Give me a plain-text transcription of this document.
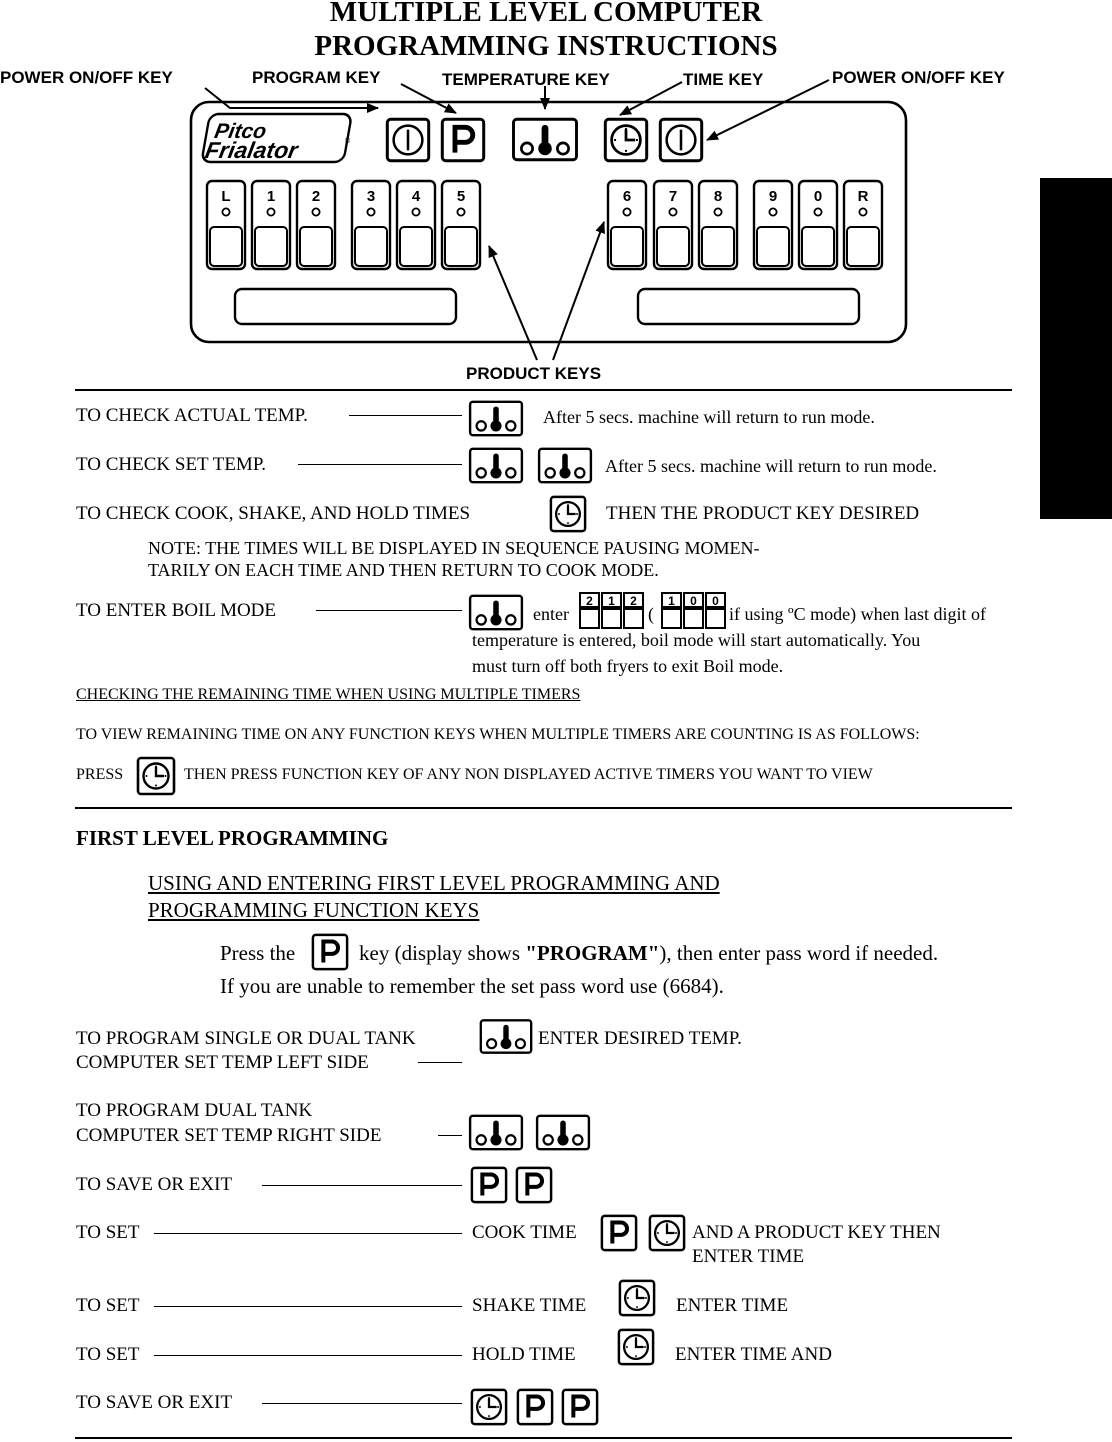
MULTIPLE LEVEL COMPUTER
PROGRAMMING INSTRUCTIONS
POWER ON/OFF KEY	PROGRAM KEY	TEMPERATURE KEY	TIME KEY	POWER ON/OFF KEY
Pitco
Frialator	®
L 1 2	3 4 5	6	7 8	9 0 R
PRODUCT KEYS
TO CHECK ACTUAL TEMP.	After 5 secs. machine will return to run mode.
TO CHECK SET TEMP.	After 5 secs. machine will return to run mode.
TO CHECK COOK, SHAKE, AND HOLD TIMES	THEN THE PRODUCT KEY DESIRED
NOTE: THE TIMES WILL BE DISPLAYED IN SEQUENCE PAUSING MOMEN-
TARILY ON EACH TIME AND THEN RETURN TO COOK MODE.
TO ENTER BOIL MODE	enter
2 1 2
(
1 0 0
if using ºC mode) when last digit of
temperature is entered, boil mode will start automatically. You
must turn off both fryers to exit Boil mode.
CHECKING THE REMAINING TIME WHEN USING MULTIPLE TIMERS
TO VIEW REMAINING TIME ON ANY FUNCTION KEYS WHEN MULTIPLE TIMERS ARE COUNTING IS AS FOLLOWS:
PRESS	THEN PRESS FUNCTION KEY OF ANY NON DISPLAYED ACTIVE TIMERS YOU WANT TO VIEW
FIRST LEVEL PROGRAMMING
USING AND ENTERING FIRST LEVEL PROGRAMMING AND
PROGRAMMING FUNCTION KEYS
Press the	key (display shows "PROGRAM"), then enter pass word if needed.
If you are unable to remember the set pass word use (6684).
TO PROGRAM SINGLE OR DUAL TANK
COMPUTER SET TEMP LEFT SIDE
ENTER DESIRED TEMP.
TO PROGRAM DUAL TANK
COMPUTER SET TEMP RIGHT SIDE
TO SAVE OR EXIT
TO SET	COOK TIME	AND A PRODUCT KEY THEN
ENTER TIME
TO SET	SHAKE TIME	ENTER TIME
TO SET	HOLD TIME	ENTER TIME AND
TO SAVE OR EXIT
